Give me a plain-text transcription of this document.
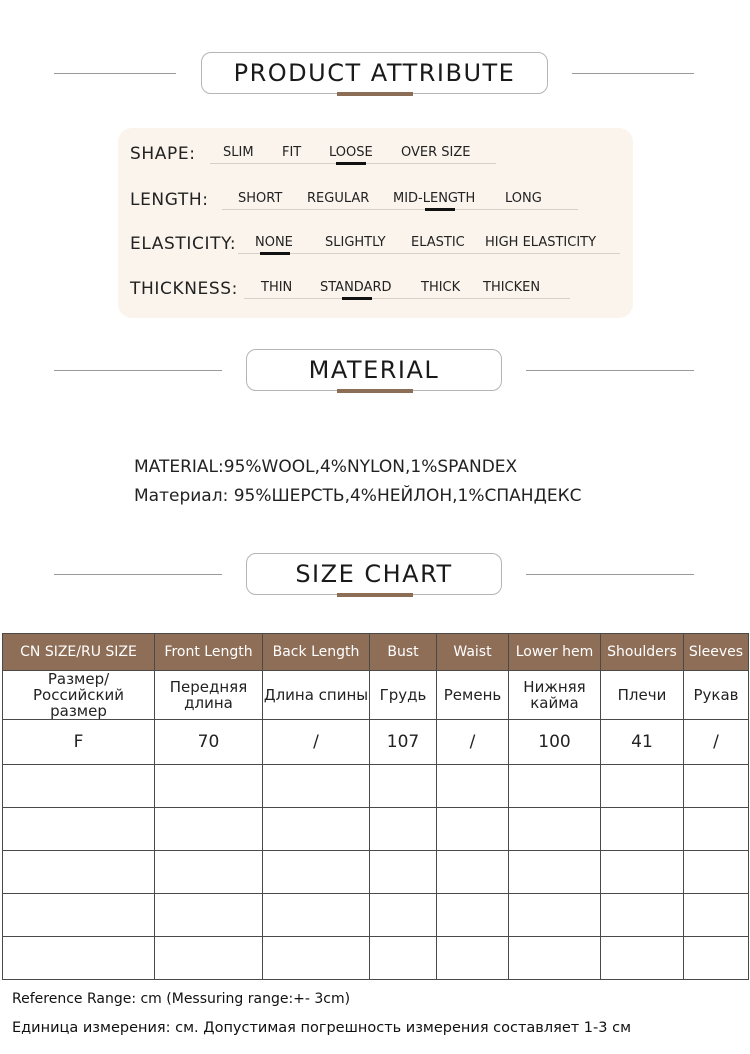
PRODUCT ATTRIBUTE
SHAPE: SLIM FIT LOOSE OVER SIZE
LENGTH: SHORT REGULAR MID-LENGTH LONG
ELASTICITY: NONE SLIGHTLY ELASTIC HIGH ELASTICITY
THICKNESS: THIN STANDARD THICK THICKEN
MATERIAL
MATERIAL:95%WOOL,4%NYLON,1%SPANDEX
Материал: 95%ШЕРСТЬ,4%НЕЙЛОН,1%СПАНДЕКС
SIZE CHART
CN SIZE/RU SIZE	Front Length	Back Length	Bust	Waist	Lower hem	Shoulders	Sleeves
Размер/Российский размер	Передняя длина	Длина спины	Грудь	Ремень	Нижняя кайма	Плечи	Рукав
F	70	/	107	/	100	41	/

Reference Range: cm (Messuring range:+- 3cm)
Единица измерения: см. Допустимая погрешность измерения составляет 1-3 см
